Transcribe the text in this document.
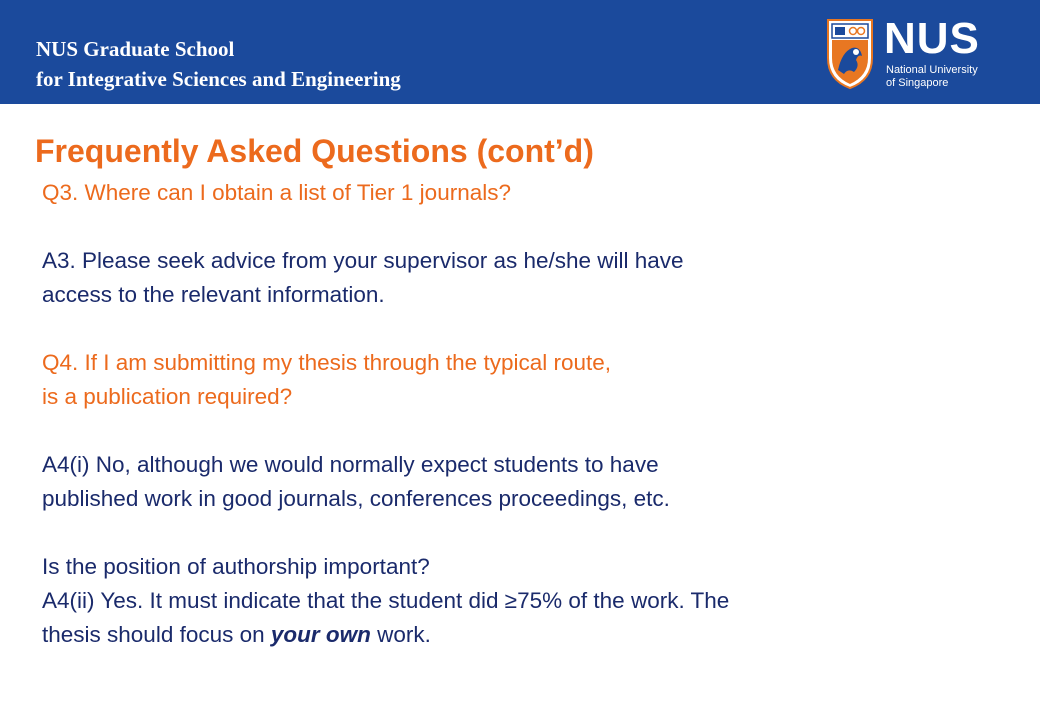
NUS Graduate School
for Integrative Sciences and Engineering
NUS
National University
of Singapore
Frequently Asked Questions (cont’d)
Q3. Where can I obtain a list of Tier 1 journals?
A3. Please seek advice from your supervisor as he/she will have
access to the relevant information.
Q4. If I am submitting my thesis through the typical route,
is a publication required?
A4(i) No, although we would normally expect students to have
published work in good journals, conferences proceedings, etc.
Is the position of authorship important?
A4(ii) Yes. It must indicate that the student did ≥75% of the work. The
thesis should focus on your own work.
